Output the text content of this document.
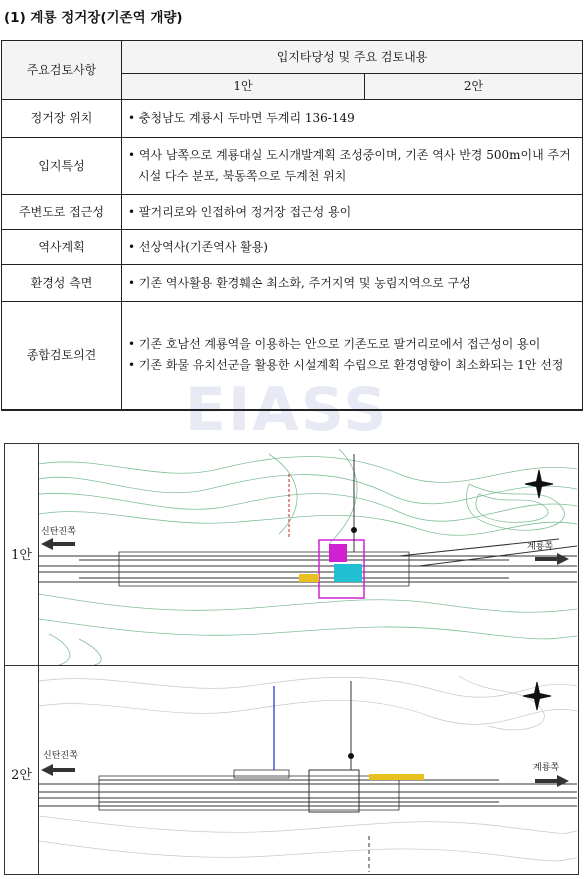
(1) 계룡 정거장(기존역 개량)
EIASS
주요검토사항	입지타당성 및 주요 검토내용	
	1안	2안
정거장 위치	• 충청남도 계룡시 두마면 두계리 136-149	

입지특성	• 역사 남쪽으로 계룡대실 도시개발계획 조성중이며, 기존 역사 반경 500m이내 주거시설 다수 분포, 북동쪽으로 두계천 위치	

주변도로 접근성	• 팔거리로와 인접하여 정거장 접근성 용이	

역사계획	• 선상역사(기존역사 활용)	

환경성 측면	• 기존 역사활용 환경훼손 최소화, 주거지역 및 농림지역으로 구성	

종합검토의견	• 기존 호남선 계룡역을 이용하는 안으로 기존도로 팔거리로에서 접근성이 용이
• 기존 화물 유치선군을 활용한 시설계획 수립으로 환경영향이 최소화되는 1안 선정	
1안
2안
신탄진쪽
계룡쪽
신탄진쪽
계룡쪽
